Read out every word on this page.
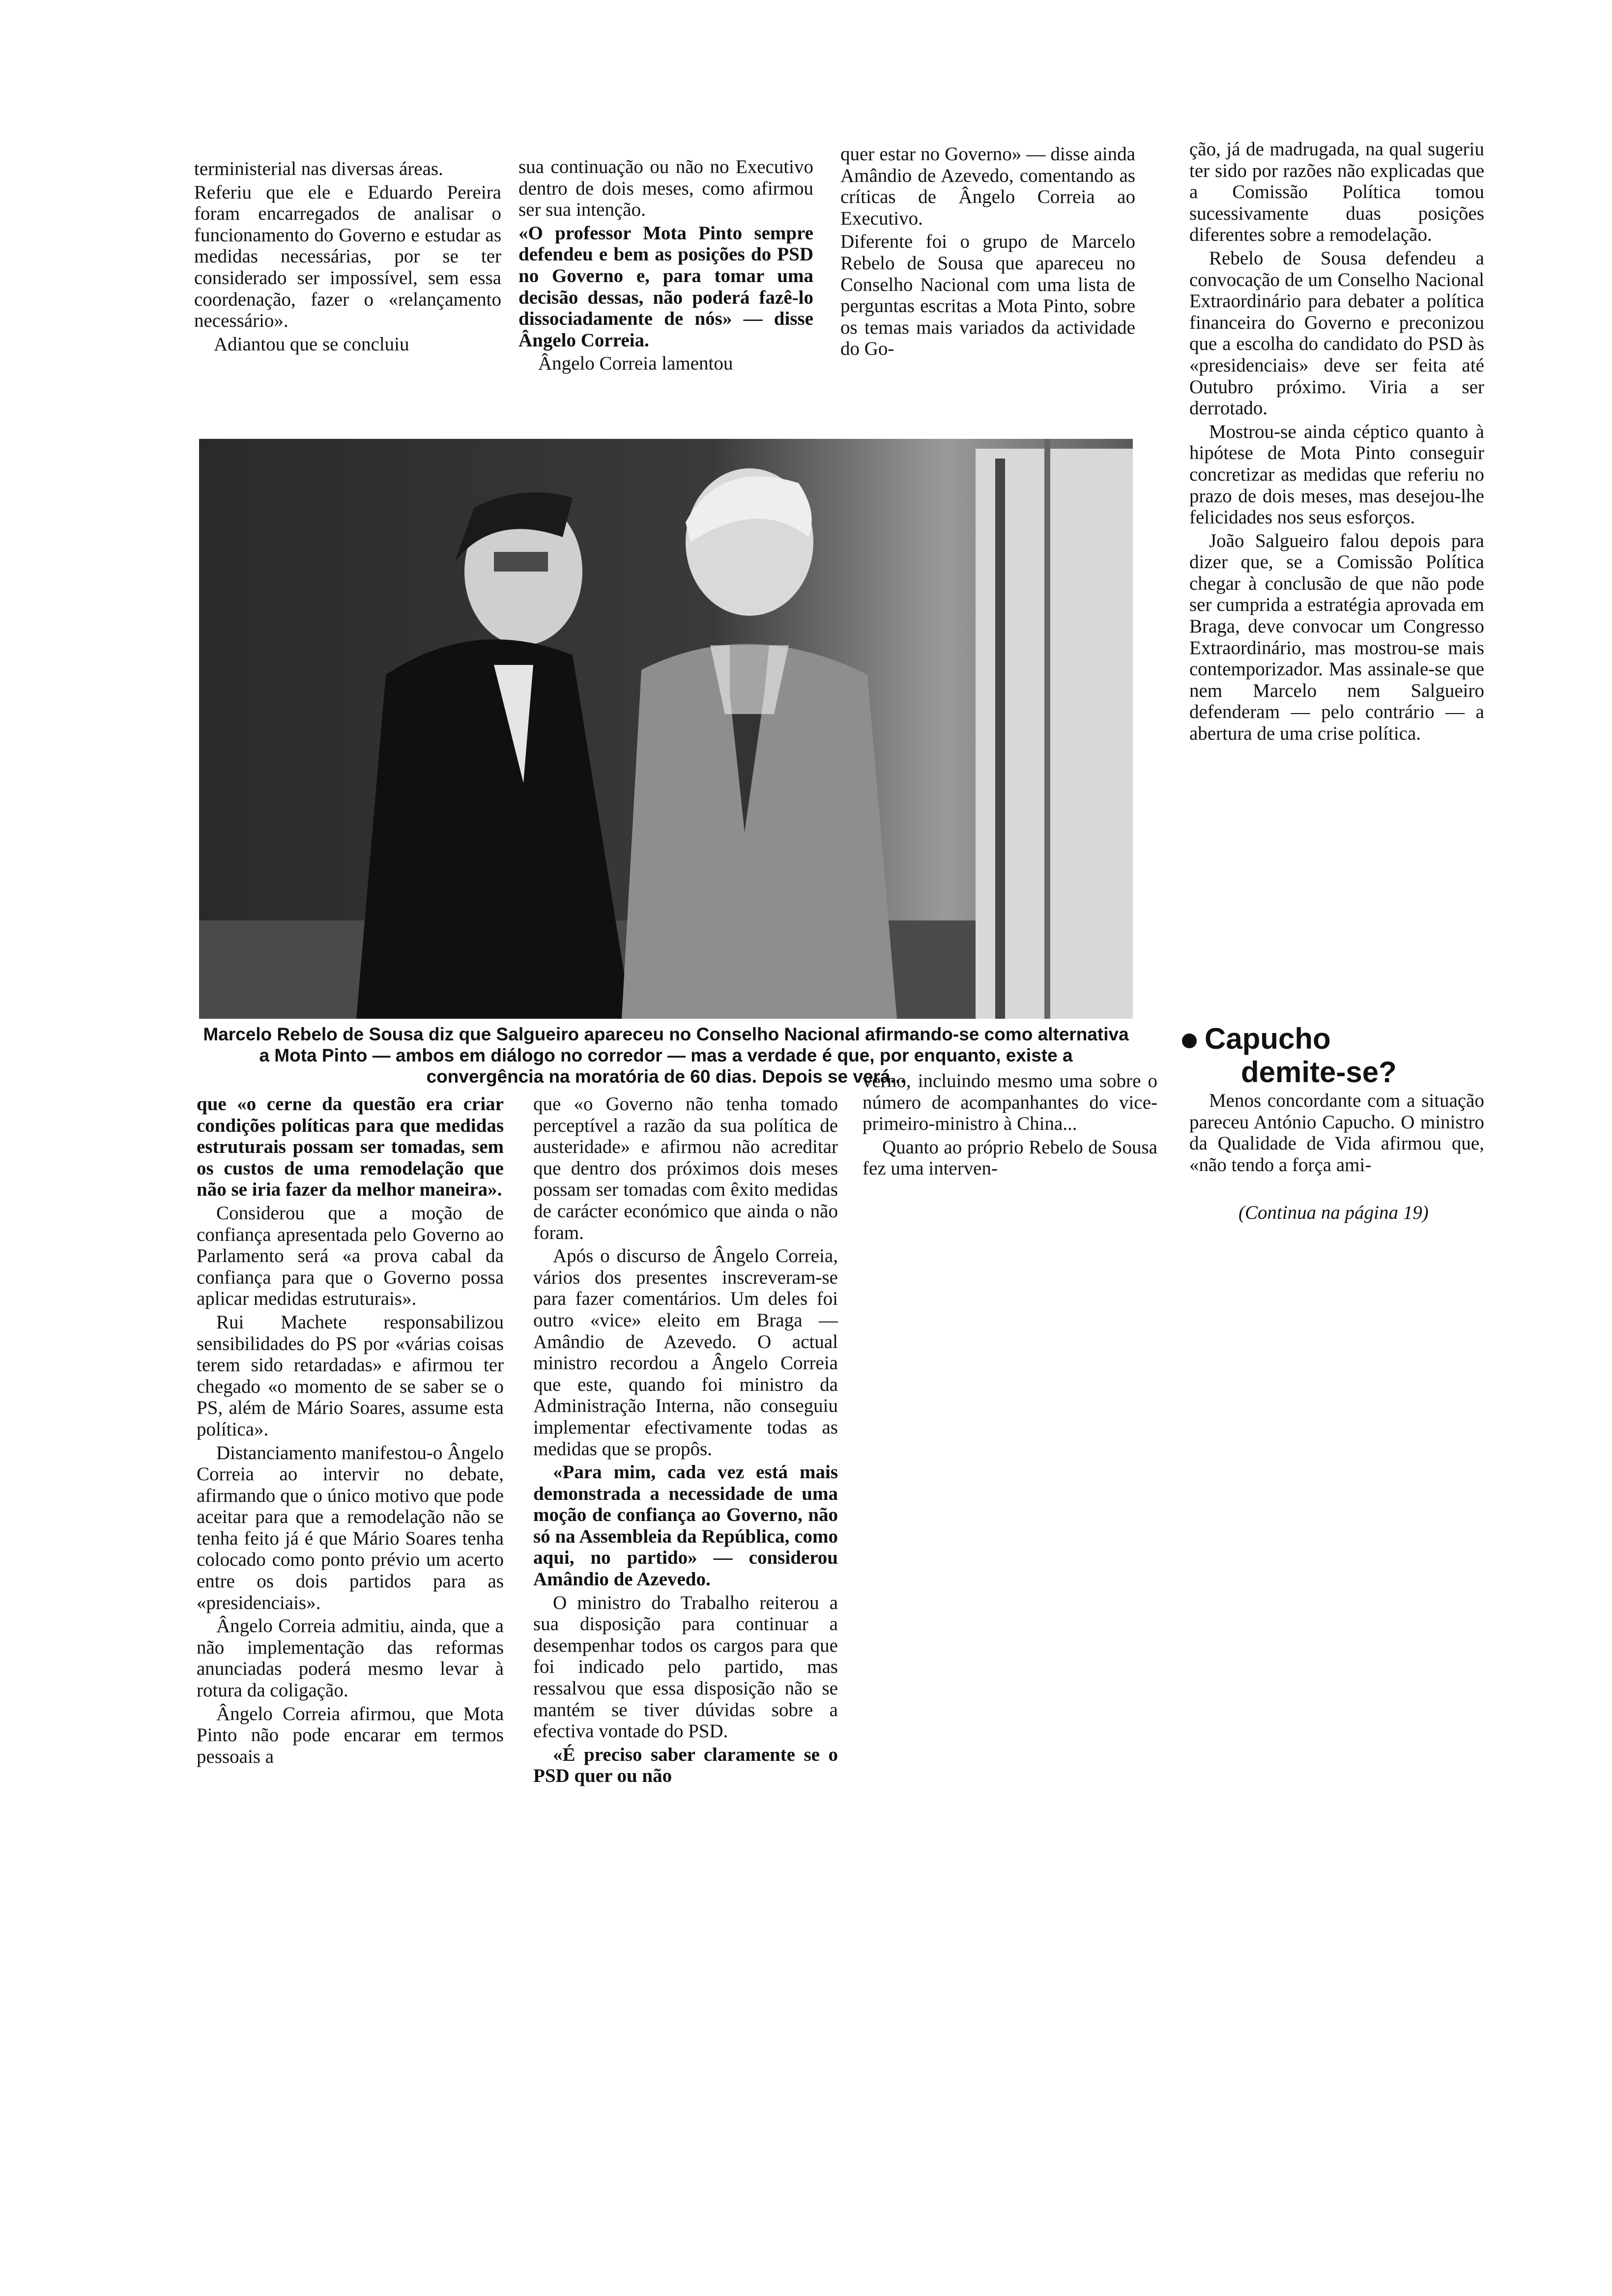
terministerial nas diversas áreas.

Referiu que ele e Eduardo Pereira foram encarregados de analisar o funcionamento do Governo e estudar as medidas necessárias, por se ter considerado ser impossível, sem essa coordenação, fazer o «relançamento necessário».

Adiantou que se concluiu

sua continuação ou não no Executivo dentro de dois meses, como afirmou ser sua intenção.

«O professor Mota Pinto sempre defendeu e bem as posições do PSD no Governo e, para tomar uma decisão dessas, não poderá fazê-lo dissociadamente de nós» — disse Ângelo Correia.

Ângelo Correia lamentou

quer estar no Governo» — disse ainda Amândio de Azevedo, comentando as críticas de Ângelo Correia ao Executivo.

Diferente foi o grupo de Marcelo Rebelo de Sousa que apareceu no Conselho Nacional com uma lista de perguntas escritas a Mota Pinto, sobre os temas mais variados da actividade do Go-

ção, já de madrugada, na qual sugeriu ter sido por razões não explicadas que a Comissão Política tomou sucessivamente duas posições diferentes sobre a remodelação.

Rebelo de Sousa defendeu a convocação de um Conselho Nacional Extraordinário para debater a política financeira do Governo e preconizou que a escolha do candidato do PSD às «presidenciais» deve ser feita até Outubro próximo. Viria a ser derrotado.

Mostrou-se ainda céptico quanto à hipótese de Mota Pinto conseguir concretizar as medidas que referiu no prazo de dois meses, mas desejou-lhe felicidades nos seus esforços.

João Salgueiro falou depois para dizer que, se a Comissão Política chegar à conclusão de que não pode ser cumprida a estratégia aprovada em Braga, deve convocar um Congresso Extraordinário, mas mostrou-se mais contemporizador. Mas assinale-se que nem Marcelo nem Salgueiro defenderam — pelo contrário — a abertura de uma crise política.

Marcelo Rebelo de Sousa diz que Salgueiro apareceu no Conselho Nacional afirmando-se como alternativa a Mota Pinto — ambos em diálogo no corredor — mas a verdade é que, por enquanto, existe a convergência na moratória de 60 dias. Depois se verá...

que «o cerne da questão era criar condições políticas para que medidas estruturais possam ser tomadas, sem os custos de uma remodelação que não se iria fazer da melhor maneira».

Considerou que a moção de confiança apresentada pelo Governo ao Parlamento será «a prova cabal da confiança para que o Governo possa aplicar medidas estruturais».

Rui Machete responsabilizou sensibilidades do PS por «várias coisas terem sido retardadas» e afirmou ter chegado «o momento de se saber se o PS, além de Mário Soares, assume esta política».

Distanciamento manifestou-o Ângelo Correia ao intervir no debate, afirmando que o único motivo que pode aceitar para que a remodelação não se tenha feito já é que Mário Soares tenha colocado como ponto prévio um acerto entre os dois partidos para as «presidenciais».

Ângelo Correia admitiu, ainda, que a não implementação das reformas anunciadas poderá mesmo levar à rotura da coligação.

Ângelo Correia afirmou, que Mota Pinto não pode encarar em termos pessoais a

que «o Governo não tenha tomado perceptível a razão da sua política de austeridade» e afirmou não acreditar que dentro dos próximos dois meses possam ser tomadas com êxito medidas de carácter económico que ainda o não foram.

Após o discurso de Ângelo Correia, vários dos presentes inscreveram-se para fazer comentários. Um deles foi outro «vice» eleito em Braga — Amândio de Azevedo. O actual ministro recordou a Ângelo Correia que este, quando foi ministro da Administração Interna, não conseguiu implementar efectivamente todas as medidas que se propôs.

«Para mim, cada vez está mais demonstrada a necessidade de uma moção de confiança ao Governo, não só na Assembleia da República, como aqui, no partido» — considerou Amândio de Azevedo.

O ministro do Trabalho reiterou a sua disposição para continuar a desempenhar todos os cargos para que foi indicado pelo partido, mas ressalvou que essa disposição não se mantém se tiver dúvidas sobre a efectiva vontade do PSD.

«É preciso saber claramente se o PSD quer ou não

verno, incluindo mesmo uma sobre o número de acompanhantes do vice-primeiro-ministro à China...

Quanto ao próprio Rebelo de Sousa fez uma interven-

Capucho
demite-se?

Menos concordante com a situação pareceu António Capucho. O ministro da Qualidade de Vida afirmou que, «não tendo a força ami-

(Continua na página 19)
